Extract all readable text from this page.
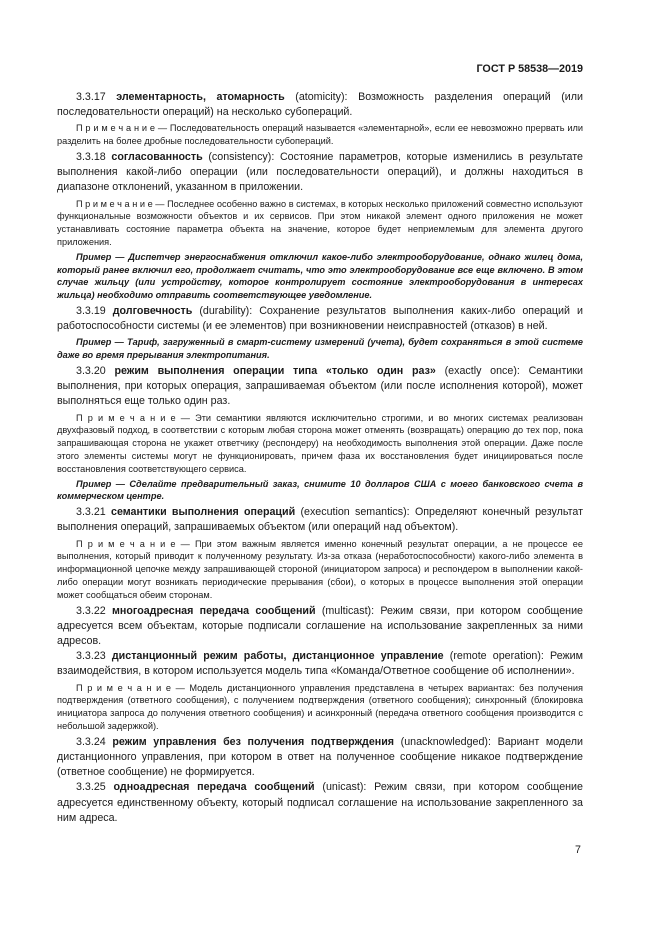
ГОСТ Р 58538—2019

3.3.17 элементарность, атомарность (atomicity): Возможность разделения операций (или последовательности операций) на несколько субопераций.

П р и м е ч а н и е — Последовательность операций называется «элементарной», если ее невозможно прервать или разделить на более дробные последовательности субопераций.

3.3.18 согласованность (consistency): Состояние параметров, которые изменились в результате выполнения какой-либо операции (или последовательности операций), и должны находиться в диапазоне отклонений, указанном в приложении.

П р и м е ч а н и е — Последнее особенно важно в системах, в которых несколько приложений совместно используют функциональные возможности объектов и их сервисов. При этом никакой элемент одного приложения не может устанавливать состояние параметра объекта на значение, которое будет неприемлемым для элемента другого приложения.

Пример — Диспетчер энергоснабжения отключил какое-либо электрооборудование, однако жилец дома, который ранее включил его, продолжает считать, что это электрооборудование все еще включено. В этом случае жильцу (или устройству, которое контролирует состояние электрооборудования в интересах жильца) необходимо отправить соответствующее уведомление.

3.3.19 долговечность (durability): Сохранение результатов выполнения каких-либо операций и работоспособности системы (и ее элементов) при возникновении неисправностей (отказов) в ней.

Пример — Тариф, загруженный в смарт-систему измерений (учета), будет сохраняться в этой системе даже во время прерывания электропитания.

3.3.20 режим выполнения операции типа «только один раз» (exactly once): Семантики выполнения, при которых операция, запрашиваемая объектом (или после исполнения которой), может выполняться еще только один раз.

П р и м е ч а н и е — Эти семантики являются исключительно строгими, и во многих системах реализован двухфазовый подход, в соответствии с которым любая сторона может отменять (возвращать) операцию до тех пор, пока запрашивающая сторона не укажет ответчику (респондеру) на необходимость выполнения этой операции. Даже после этого элементы системы могут не функционировать, причем фаза их восстановления будет инициироваться после восстановления соответствующего сервиса.

Пример — Сделайте предварительный заказ, снимите 10 долларов США с моего банковского счета в коммерческом центре.

3.3.21 семантики выполнения операций (execution semantics): Определяют конечный результат выполнения операций, запрашиваемых объектом (или операций над объектом).

П р и м е ч а н и е — При этом важным является именно конечный результат операции, а не процессе ее выполнения, который приводит к полученному результату. Из-за отказа (неработоспособности) какого-либо элемента в информационной цепочке между запрашивающей стороной (инициатором запроса) и респондером в выполнении какой-либо операции могут возникать периодические прерывания (сбои), о которых в процессе выполнения этой операции может сообщаться обеим сторонам.

3.3.22 многоадресная передача сообщений (multicast): Режим связи, при котором сообщение адресуется всем объектам, которые подписали соглашение на использование закрепленных за ними адресов.

3.3.23 дистанционный режим работы, дистанционное управление (remote operation): Режим взаимодействия, в котором используется модель типа «Команда/Ответное сообщение об исполнении».

П р и м е ч а н и е — Модель дистанционного управления представлена в четырех вариантах: без получения подтверждения (ответного сообщения), с получением подтверждения (ответного сообщения); синхронный (блокировка инициатора запроса до получения ответного сообщения) и асинхронный (передача ответного сообщения производится с небольшой задержкой).

3.3.24 режим управления без получения подтверждения (unacknowledged): Вариант модели дистанционного управления, при котором в ответ на полученное сообщение никакое подтверждение (ответное сообщение) не формируется.

3.3.25 одноадресная передача сообщений (unicast): Режим связи, при котором сообщение адресуется единственному объекту, который подписал соглашение на использование закрепленного за ним адреса.

7
